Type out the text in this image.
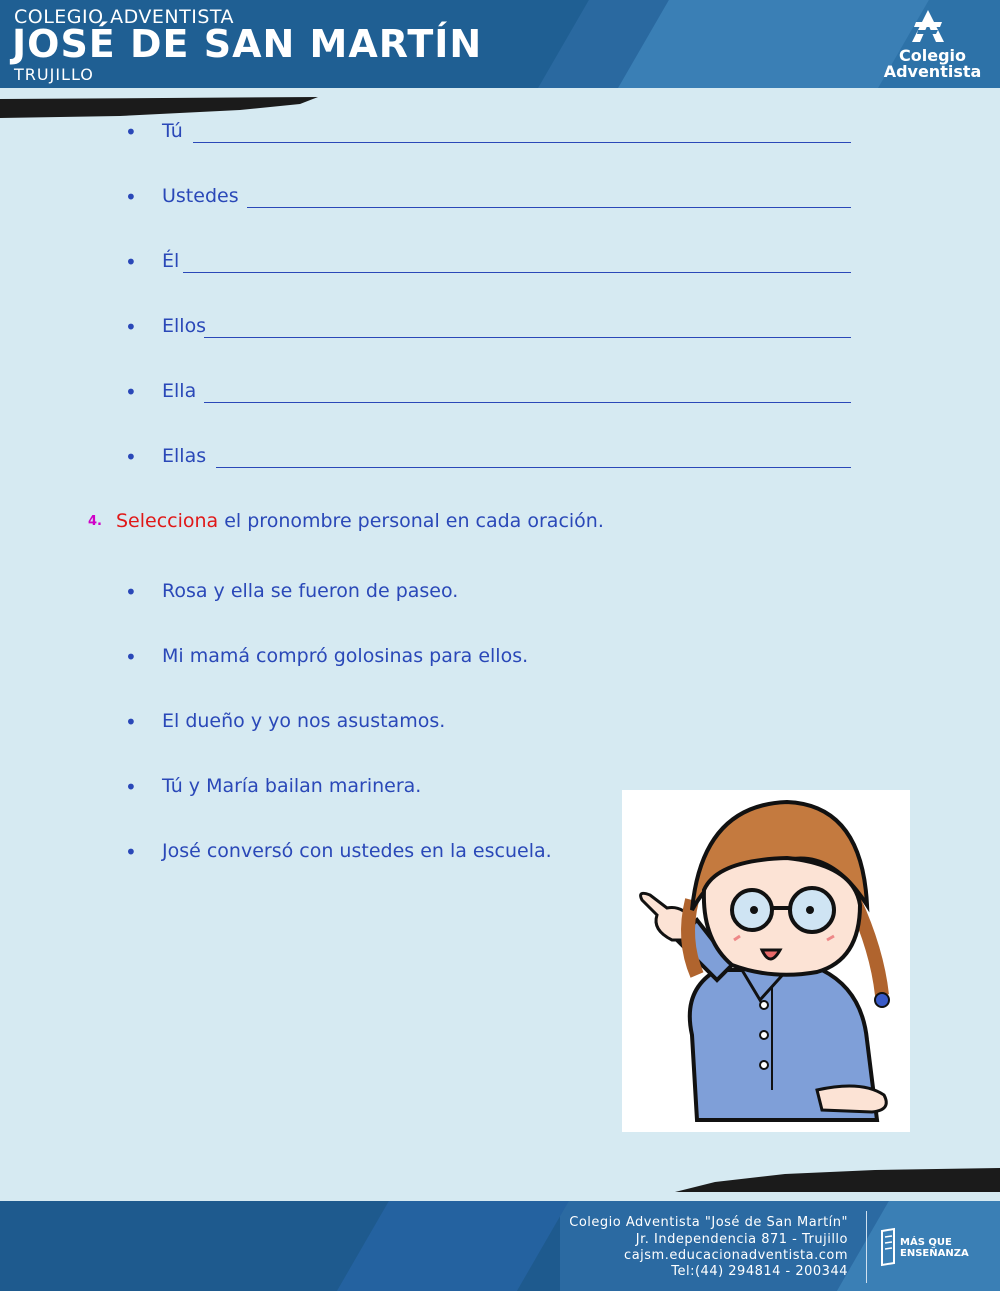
COLEGIO ADVENTISTA
JOSÉ DE SAN MARTÍN
TRUJILLO
Colegio
Adventista
• Tú
• Ustedes
• Él
• Ellos
• Ella
• Ellas
4. Selecciona el pronombre personal en cada oración.
• Rosa y ella se fueron de paseo.
• Mi mamá compró golosinas para ellos.
• El dueño y yo nos asustamos.
• Tú y María bailan marinera.
• José conversó con ustedes en la escuela.
Colegio Adventista "José de San Martín"
Jr. Independencia 871 - Trujillo
cajsm.educacionadventista.com
Tel:(44) 294814 - 200344
MÁS QUE
ENSEÑANZA
